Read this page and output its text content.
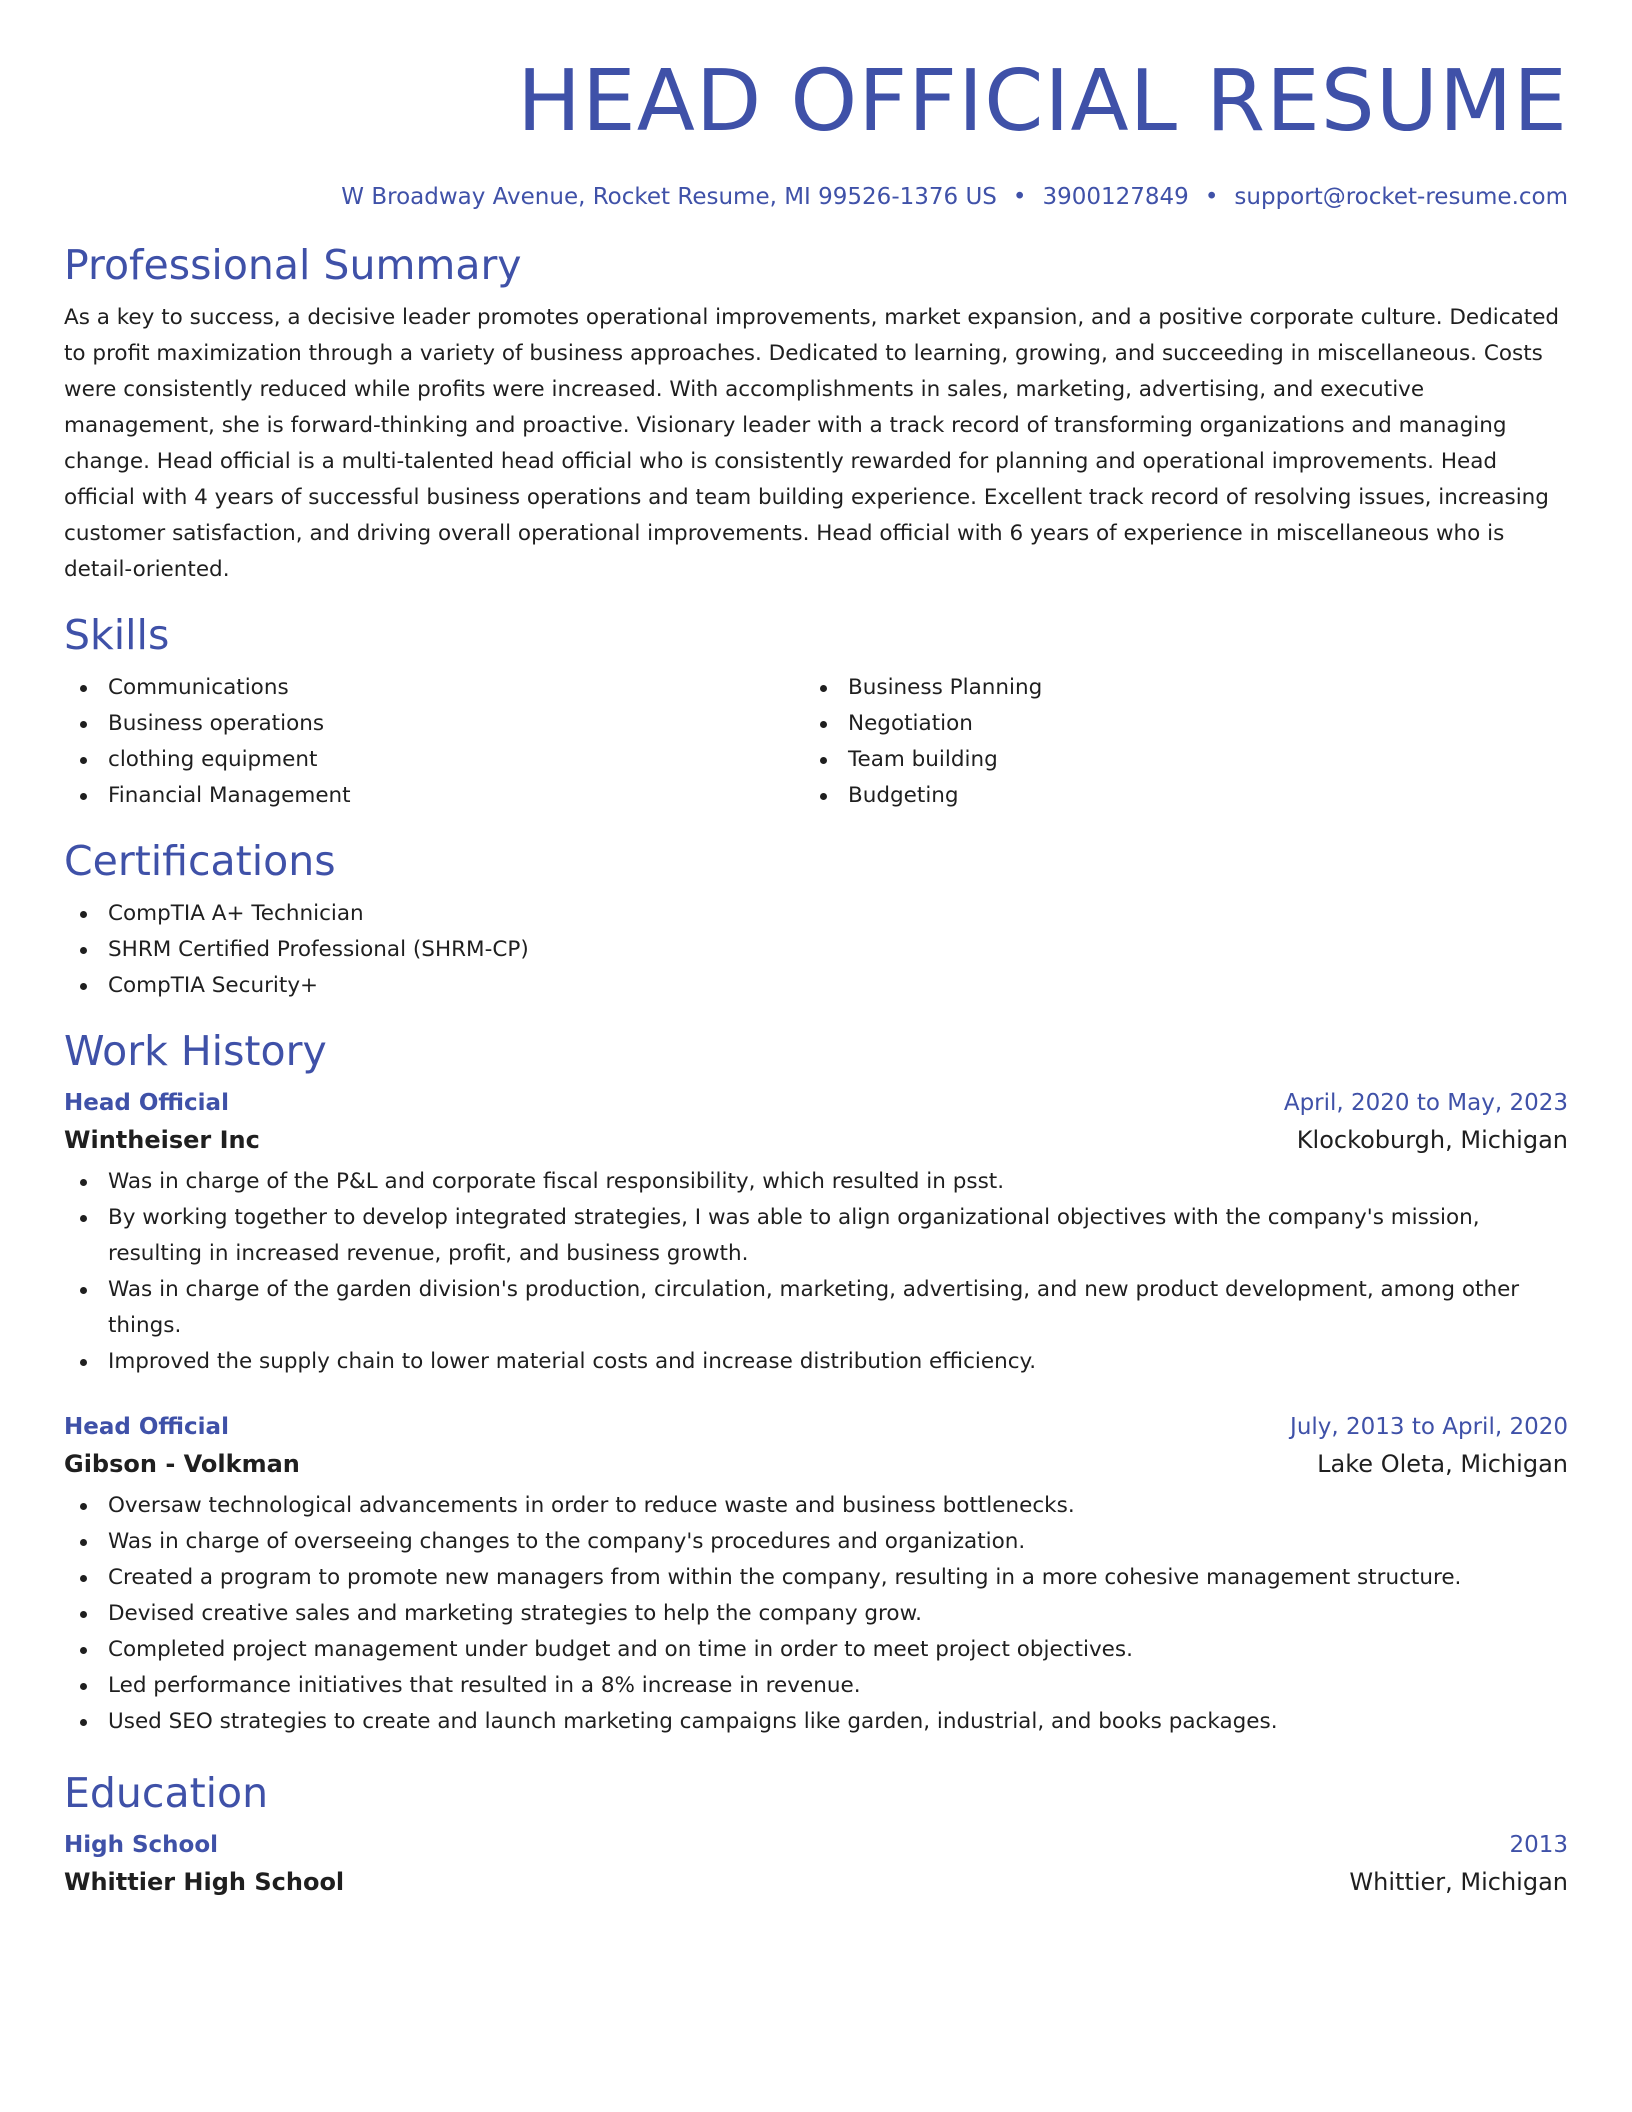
HEAD OFFICIAL RESUME
W Broadway Avenue, Rocket Resume, MI 99526-1376 US • 3900127849 • support@rocket-resume.com
Professional Summary

As a key to success, a decisive leader promotes operational improvements, market expansion, and a positive corporate culture. Dedicated to profit maximization through a variety of business approaches. Dedicated to learning, growing, and succeeding in miscellaneous. Costs were consistently reduced while profits were increased. With accomplishments in sales, marketing, advertising, and executive management, she is forward-thinking and proactive. Visionary leader with a track record of transforming organizations and managing change. Head official is a multi-talented head official who is consistently rewarded for planning and operational improvements. Head official with 4 years of successful business operations and team building experience. Excellent track record of resolving issues, increasing customer satisfaction, and driving overall operational improvements. Head official with 6 years of experience in miscellaneous who is detail-oriented.

Skills
Communications
Business operations
clothing equipment
Financial Management
Business Planning
Negotiation
Team building
Budgeting
Certifications
CompTIA A+ Technician
SHRM Certified Professional (SHRM-CP)
CompTIA Security+
Work History
Head Official	April, 2020 to May, 2023
Wintheiser Inc	Klockoburgh, Michigan
Was in charge of the P&L and corporate fiscal responsibility, which resulted in psst.
By working together to develop integrated strategies, I was able to align organizational objectives with the company's mission, resulting in increased revenue, profit, and business growth.
Was in charge of the garden division's production, circulation, marketing, advertising, and new product development, among other things.
Improved the supply chain to lower material costs and increase distribution efficiency.
Head Official	July, 2013 to April, 2020
Gibson - Volkman	Lake Oleta, Michigan
Oversaw technological advancements in order to reduce waste and business bottlenecks.
Was in charge of overseeing changes to the company's procedures and organization.
Created a program to promote new managers from within the company, resulting in a more cohesive management structure.
Devised creative sales and marketing strategies to help the company grow.
Completed project management under budget and on time in order to meet project objectives.
Led performance initiatives that resulted in a 8% increase in revenue.
Used SEO strategies to create and launch marketing campaigns like garden, industrial, and books packages.
Education
High School	2013
Whittier High School	Whittier, Michigan
